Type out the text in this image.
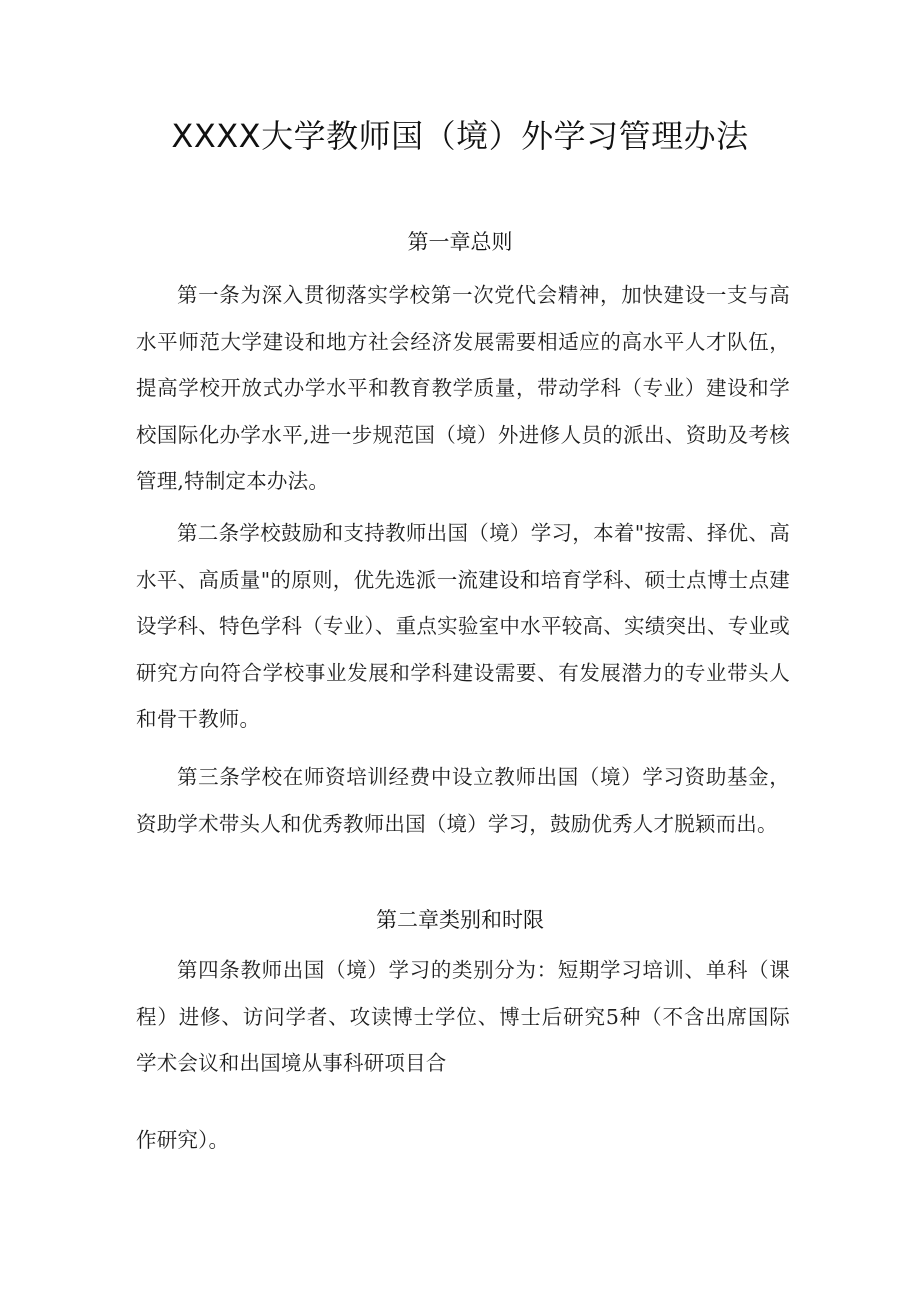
XXXX大学教师国（境）外学习管理办法
第一章总则

第一条为深入贯彻落实学校第一次党代会精神，加快建设一支与高水平师范大学建设和地方社会经济发展需要相适应的高水平人才队伍，提高学校开放式办学水平和教育教学质量，带动学科（专业）建设和学校国际化办学水平,进一步规范国（境）外进修人员的派出、资助及考核管理,特制定本办法。

第二条学校鼓励和支持教师出国（境）学习，本着"按需、择优、高水平、高质量"的原则，优先选派一流建设和培育学科、硕士点博士点建设学科、特色学科（专业）、重点实验室中水平较高、实绩突出、专业或研究方向符合学校事业发展和学科建设需要、有发展潜力的专业带头人和骨干教师。

第三条学校在师资培训经费中设立教师出国（境）学习资助基金，资助学术带头人和优秀教师出国（境）学习，鼓励优秀人才脱颖而出。

第二章类别和时限

第四条教师出国（境）学习的类别分为：短期学习培训、单科（课程）进修、访问学者、攻读博士学位、博士后研究5种（不含出席国际学术会议和出国境从事科研项目合

作研究）。
